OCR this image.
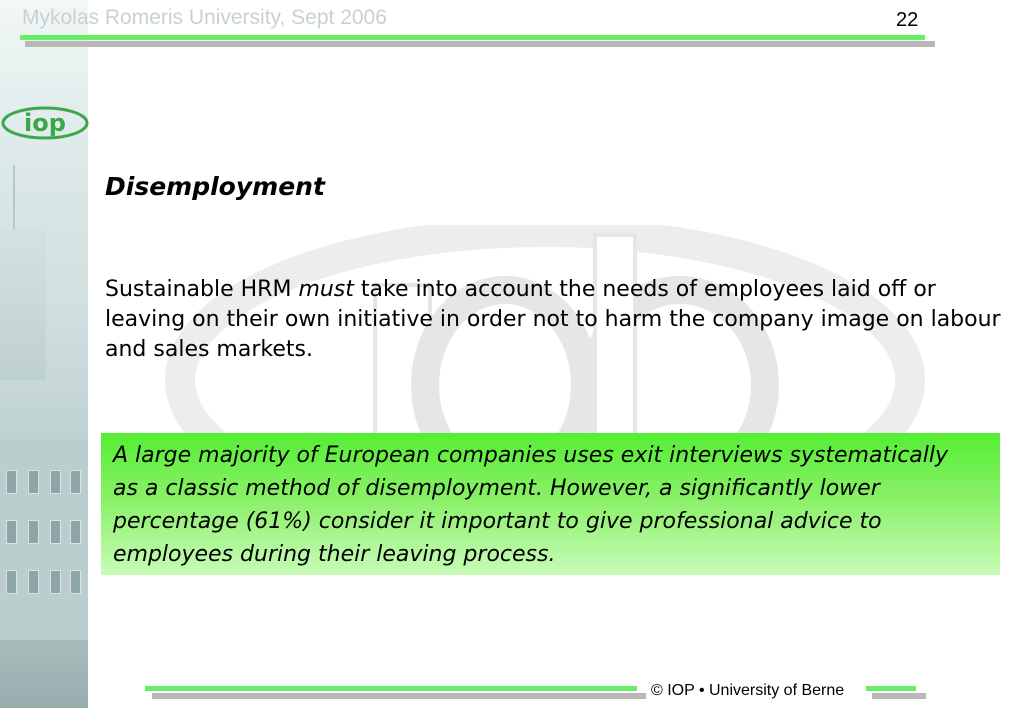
Mykolas Romeris University, Sept 2006	22
iop
Disemployment
Sustainable HRM must take into account the needs of employees laid off or leaving on their own initiative in order not to harm the company image on labour and sales markets.
A large majority of European companies uses exit interviews systematically as a classic method of disemployment. However, a significantly lower percentage (61%) consider it important to give professional advice to employees during their leaving process.
© IOP • University of Berne
